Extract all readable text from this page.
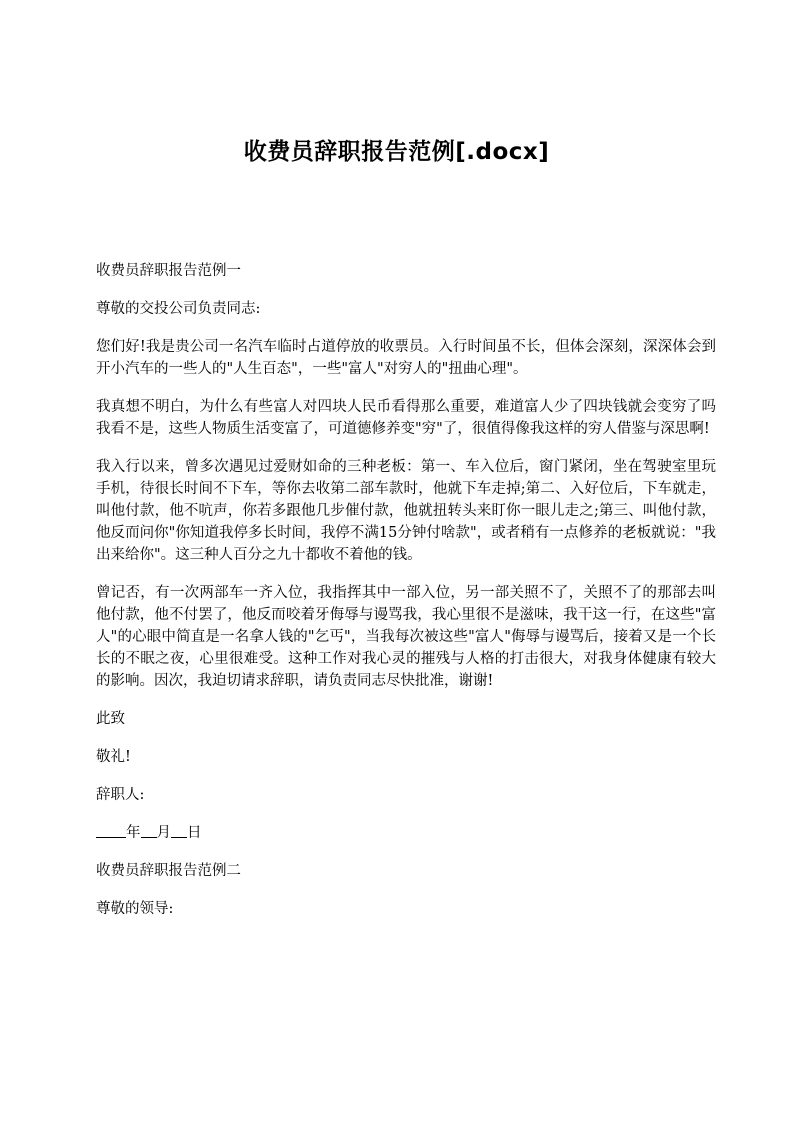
收费员辞职报告范例[.docx]

收费员辞职报告范例一

尊敬的交投公司负责同志:

您们好!我是贵公司一名汽车临时占道停放的收票员。入行时间虽不长，但体会深刻，深深体会到开小汽车的一些人的"人生百态"，一些"富人"对穷人的"扭曲心理"。

我真想不明白，为什么有些富人对四块人民币看得那么重要，难道富人少了四块钱就会变穷了吗我看不是，这些人物质生活变富了，可道德修养变"穷"了，很值得像我这样的穷人借鉴与深思啊!

我入行以来，曾多次遇见过爱财如命的三种老板：第一、车入位后，窗门紧闭，坐在驾驶室里玩手机，待很长时间不下车，等你去收第二部车款时，他就下车走掉;第二、入好位后，下车就走，叫他付款，他不吭声，你若多跟他几步催付款，他就扭转头来盯你一眼儿走之;第三、叫他付款，他反而问你"你知道我停多长时间，我停不满15分钟付啥款"，或者稍有一点修养的老板就说："我出来给你"。这三种人百分之九十都收不着他的钱。

曾记否，有一次两部车一齐入位，我指挥其中一部入位，另一部关照不了，关照不了的那部去叫他付款，他不付罢了，他反而咬着牙侮辱与谩骂我，我心里很不是滋味，我干这一行，在这些"富人"的心眼中简直是一名拿人钱的"乞丐"，当我每次被这些"富人"侮辱与谩骂后，接着又是一个长长的不眠之夜，心里很难受。这种工作对我心灵的摧残与人格的打击很大，对我身体健康有较大的影响。因次，我迫切请求辞职，请负责同志尽快批准，谢谢!

此致

敬礼!

辞职人:

年 月 日

收费员辞职报告范例二

尊敬的领导:
